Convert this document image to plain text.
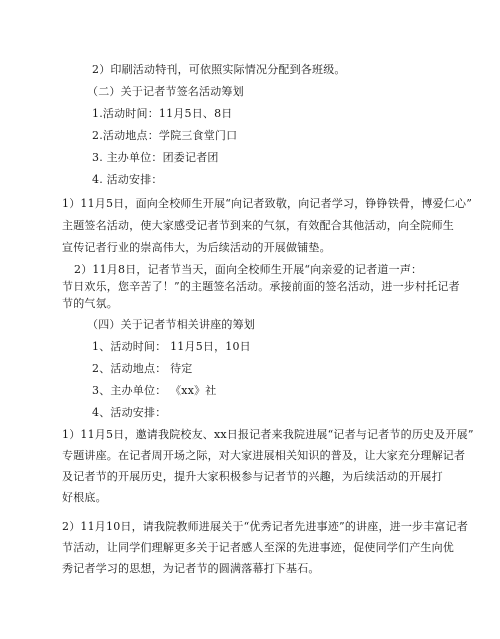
2）印刷活动特刊，可依照实际情况分配到各班级。
（二）关于记者节签名活动筹划
1.活动时间：11月5日、8日
2.活动地点：学院三食堂门口
3. 主办单位：团委记者团
4. 活动安排：
1）11月5日，面向全校师生开展“向记者致敬，向记者学习，铮铮铁骨，博爱仁心”
主题签名活动，使大家感受记者节到来的气氛，有效配合其他活动，向全院师生
宣传记者行业的崇高伟大，为后续活动的开展做铺垫。
2）11月8日，记者节当天，面向全校师生开展“向亲爱的记者道一声：
节日欢乐，您辛苦了！”的主题签名活动。承接前面的签名活动，进一步村托记者
节的气氛。
（四）关于记者节相关讲座的筹划
1、活动时间： 11月5日，10日
2、活动地点： 待定
3、主办单位： 《xx》社
4、活动安排：
1）11月5日，邀请我院校友、xx日报记者来我院进展“记者与记者节的历史及开展”
专题讲座。在记者周开场之际，对大家进展相关知识的普及，让大家充分理解记者
及记者节的开展历史，提升大家积极参与记者节的兴趣，为后续活动的开展打
好根底。
2）11月10日，请我院教师进展关于“优秀记者先进事迹”的讲座，进一步丰富记者
节活动，让同学们理解更多关于记者感人至深的先进事迹，促使同学们产生向优
秀记者学习的思想，为记者节的圆满落幕打下基石。
